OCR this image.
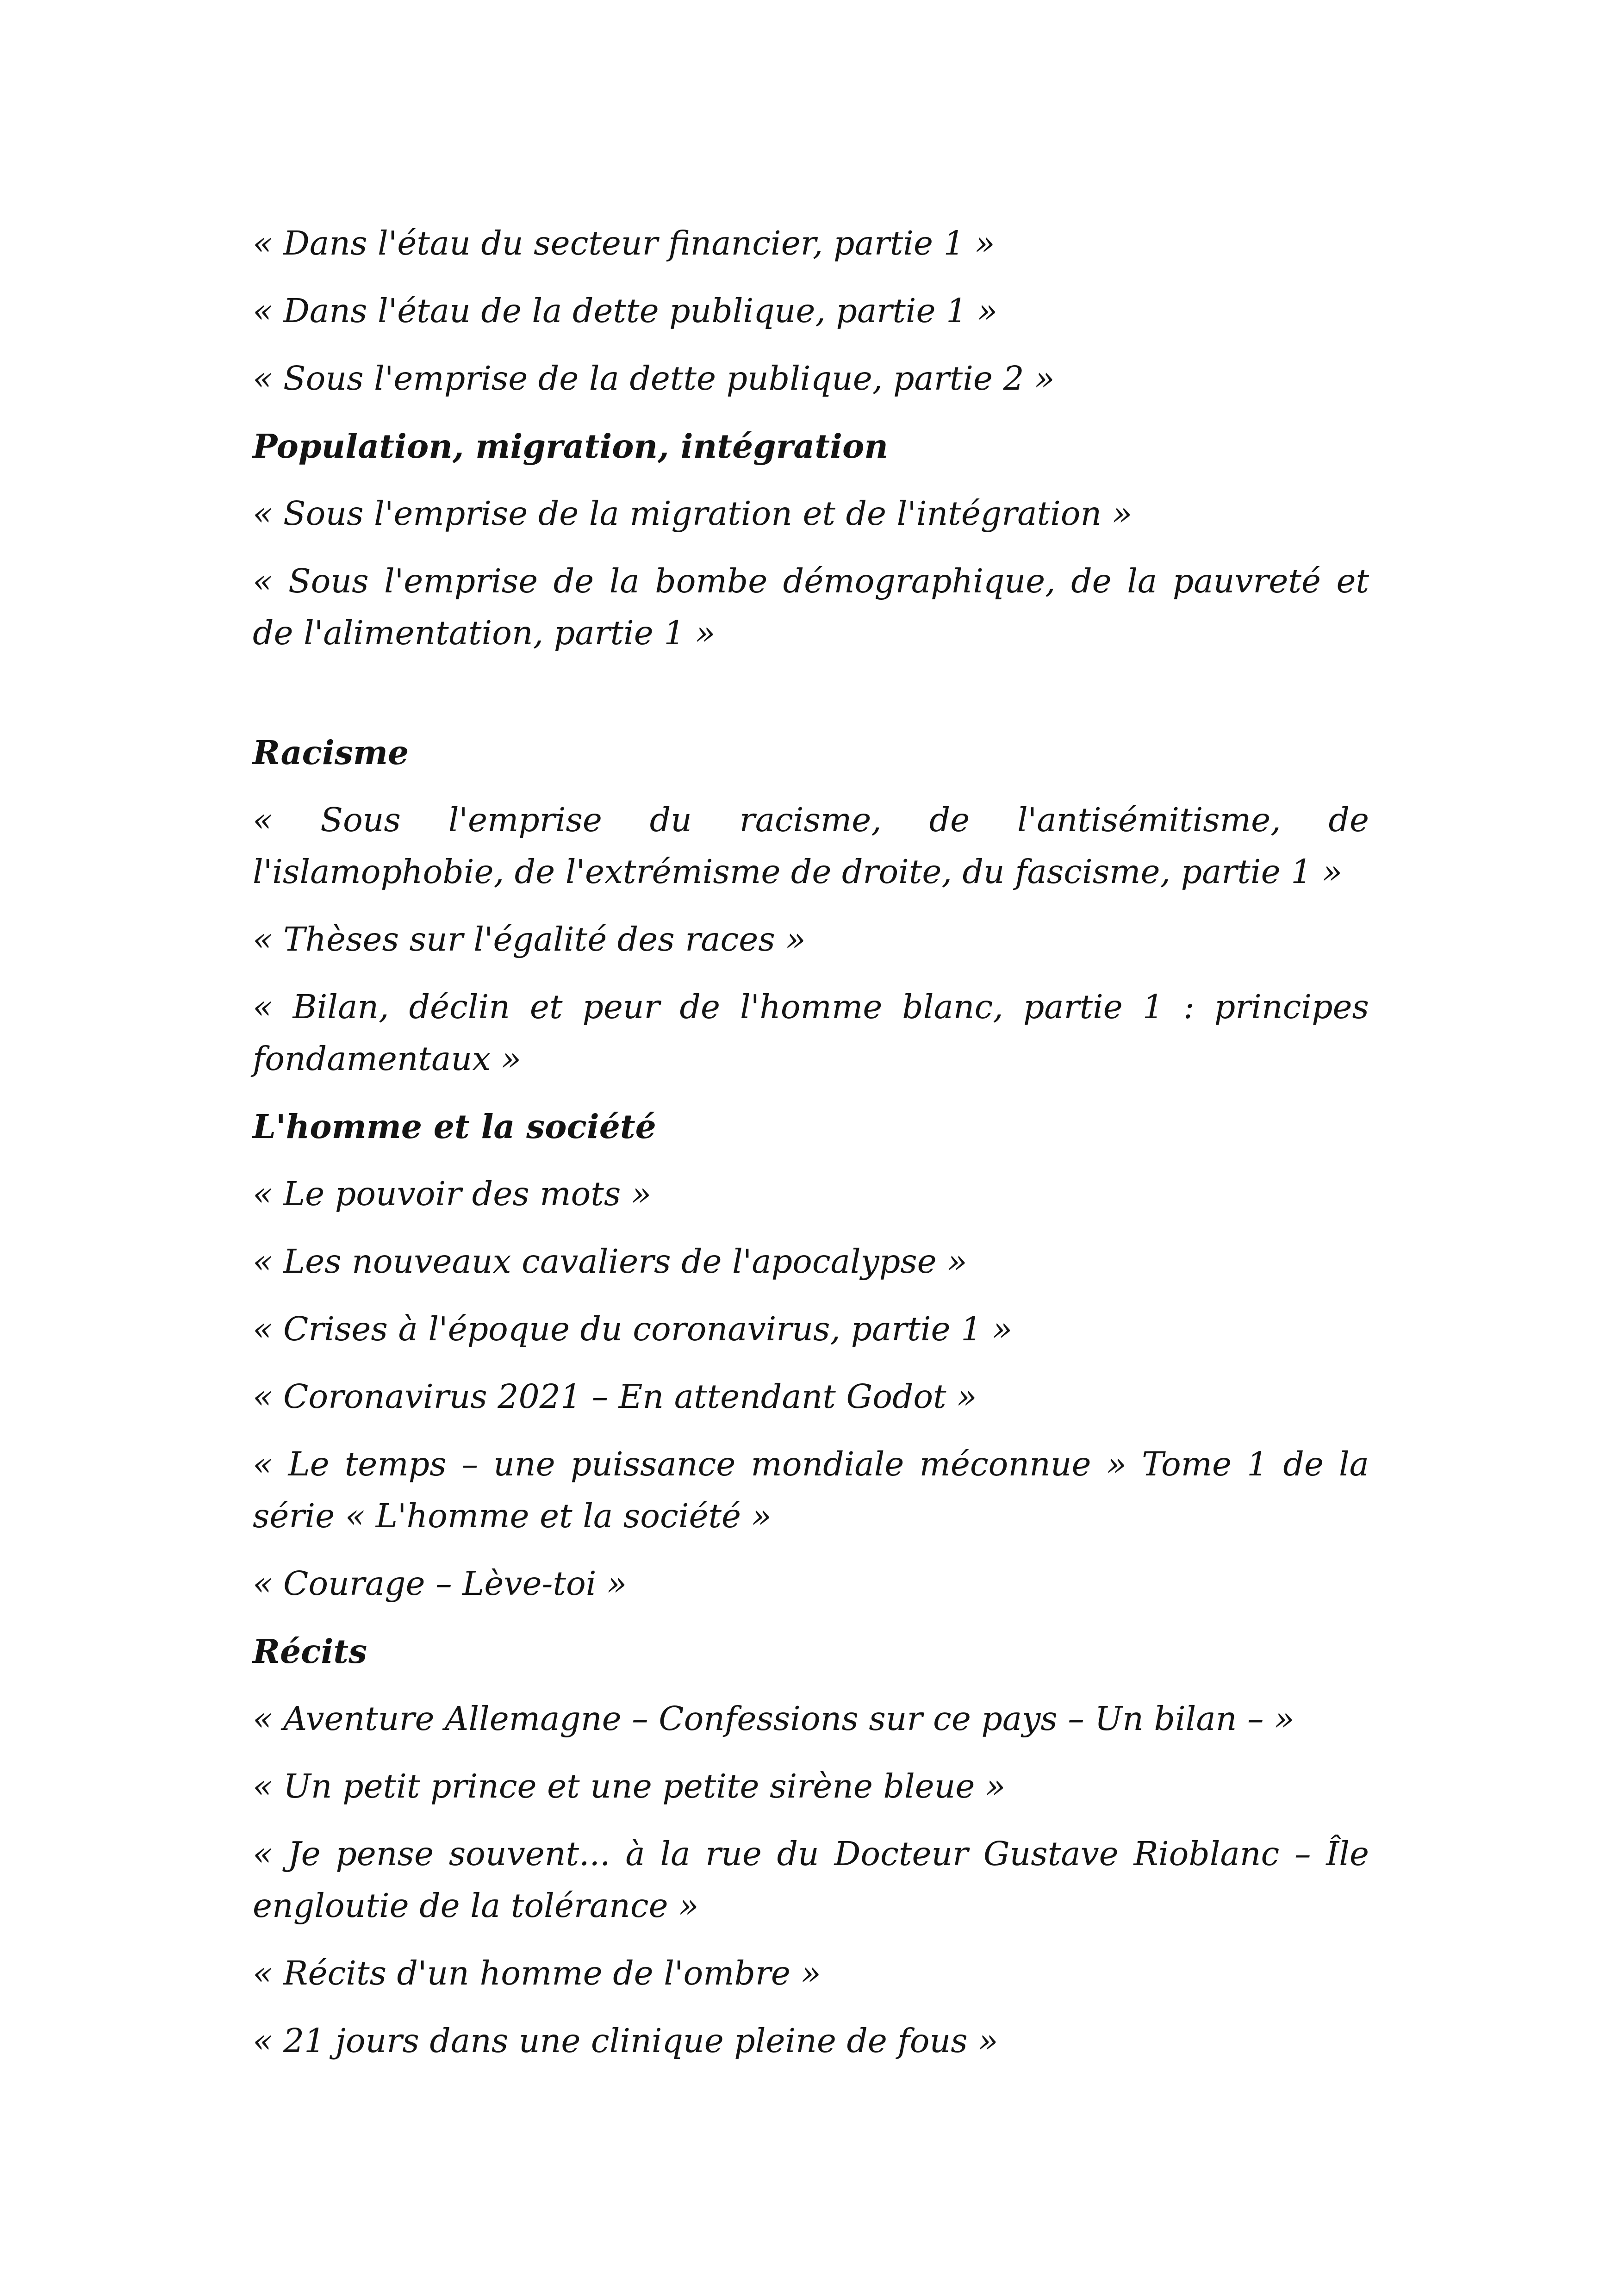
« Dans l'étau du secteur financier, partie 1 »

« Dans l'étau de la dette publique, partie 1 »

« Sous l'emprise de la dette publique, partie 2 »

Population, migration, intégration

« Sous l'emprise de la migration et de l'intégration »

« Sous l'emprise de la bombe démographique, de la pauvreté et de l'alimentation, partie 1 »

Racisme

« Sous l'emprise du racisme, de l'antisémitisme, de l'islamophobie, de l'extrémisme de droite, du fascisme, partie 1 »

« Thèses sur l'égalité des races »

« Bilan, déclin et peur de l'homme blanc, partie 1 : principes fondamentaux »

L'homme et la société

« Le pouvoir des mots »

« Les nouveaux cavaliers de l'apocalypse »

« Crises à l'époque du coronavirus, partie 1 »

« Coronavirus 2021 – En attendant Godot »

« Le temps – une puissance mondiale méconnue » Tome 1 de la série « L'homme et la société »

« Courage – Lève-toi »

Récits

« Aventure Allemagne – Confessions sur ce pays – Un bilan – »

« Un petit prince et une petite sirène bleue »

« Je pense souvent... à la rue du Docteur Gustave Rioblanc – Île engloutie de la tolérance »

« Récits d'un homme de l'ombre »

« 21 jours dans une clinique pleine de fous »
